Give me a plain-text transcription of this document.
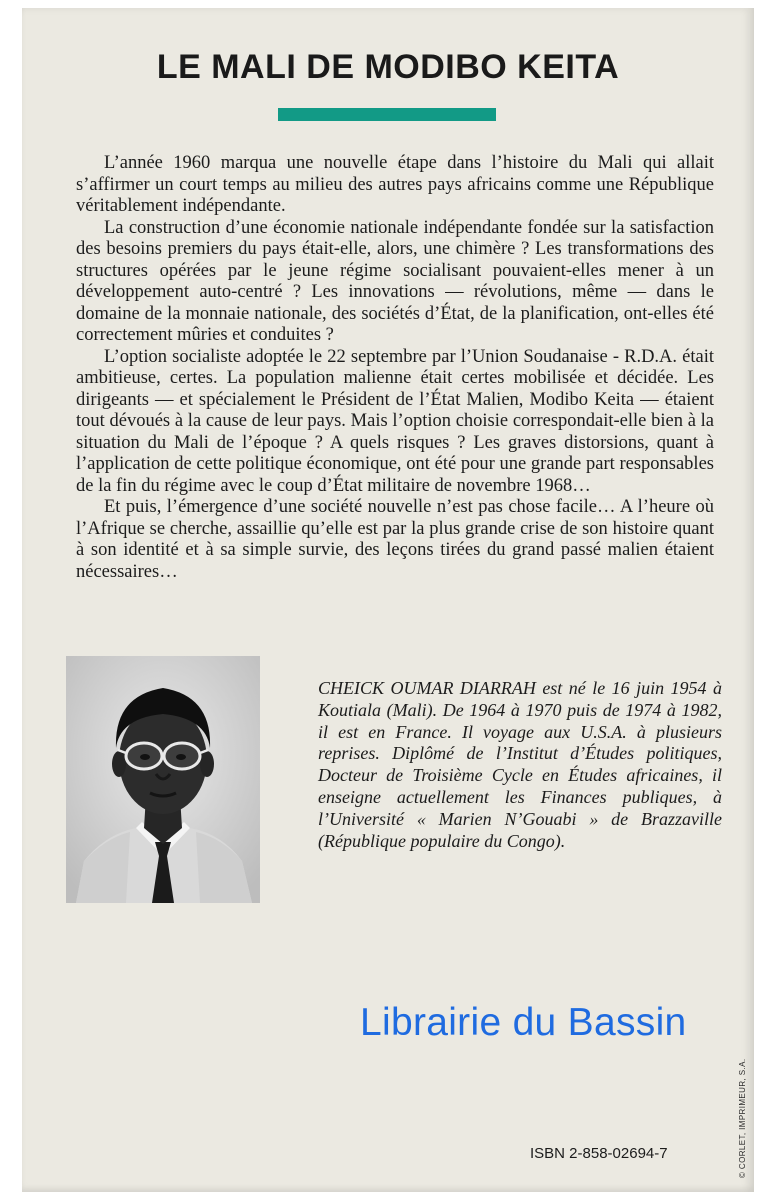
LE MALI DE MODIBO KEITA

L’année 1960 marqua une nouvelle étape dans l’histoire du Mali qui allait s’affirmer un court temps au milieu des autres pays africains comme une République véritablement indépendante.

La construction d’une économie nationale indépendante fondée sur la satisfaction des besoins premiers du pays était-elle, alors, une chimère ? Les transformations des structures opérées par le jeune régime socialisant pouvaient-elles mener à un développement auto-centré ? Les innovations — révolutions, même — dans le domaine de la monnaie nationale, des sociétés d’État, de la planification, ont-elles été correctement mûries et conduites ?

L’option socialiste adoptée le 22 septembre par l’Union Soudanaise - R.D.A. était ambitieuse, certes. La population malienne était certes mobilisée et décidée. Les dirigeants — et spécialement le Président de l’État Malien, Modibo Keita — étaient tout dévoués à la cause de leur pays. Mais l’option choisie correspondait-elle bien à la situation du Mali de l’époque ? A quels risques ? Les graves distorsions, quant à l’application de cette politique économique, ont été pour une grande part responsables de la fin du régime avec le coup d’État militaire de novembre 1968…

Et puis, l’émergence d’une société nouvelle n’est pas chose facile… A l’heure où l’Afrique se cherche, assaillie qu’elle est par la plus grande crise de son histoire quant à son identité et à sa simple survie, des leçons tirées du grand passé malien étaient nécessaires…

CHEICK OUMAR DIARRAH est né le 16 juin 1954 à Koutiala (Mali). De 1964 à 1970 puis de 1974 à 1982, il est en France. Il voyage aux U.S.A. à plusieurs reprises. Diplômé de l’Institut d’Études politiques, Docteur de Troisième Cycle en Études africaines, il enseigne actuellement les Finances publiques, à l’Université « Marien N’Gouabi » de Brazzaville (République populaire du Congo).
Librairie du Bassin
ISBN 2-858-02694-7
© CORLET, IMPRIMEUR, S.A.
